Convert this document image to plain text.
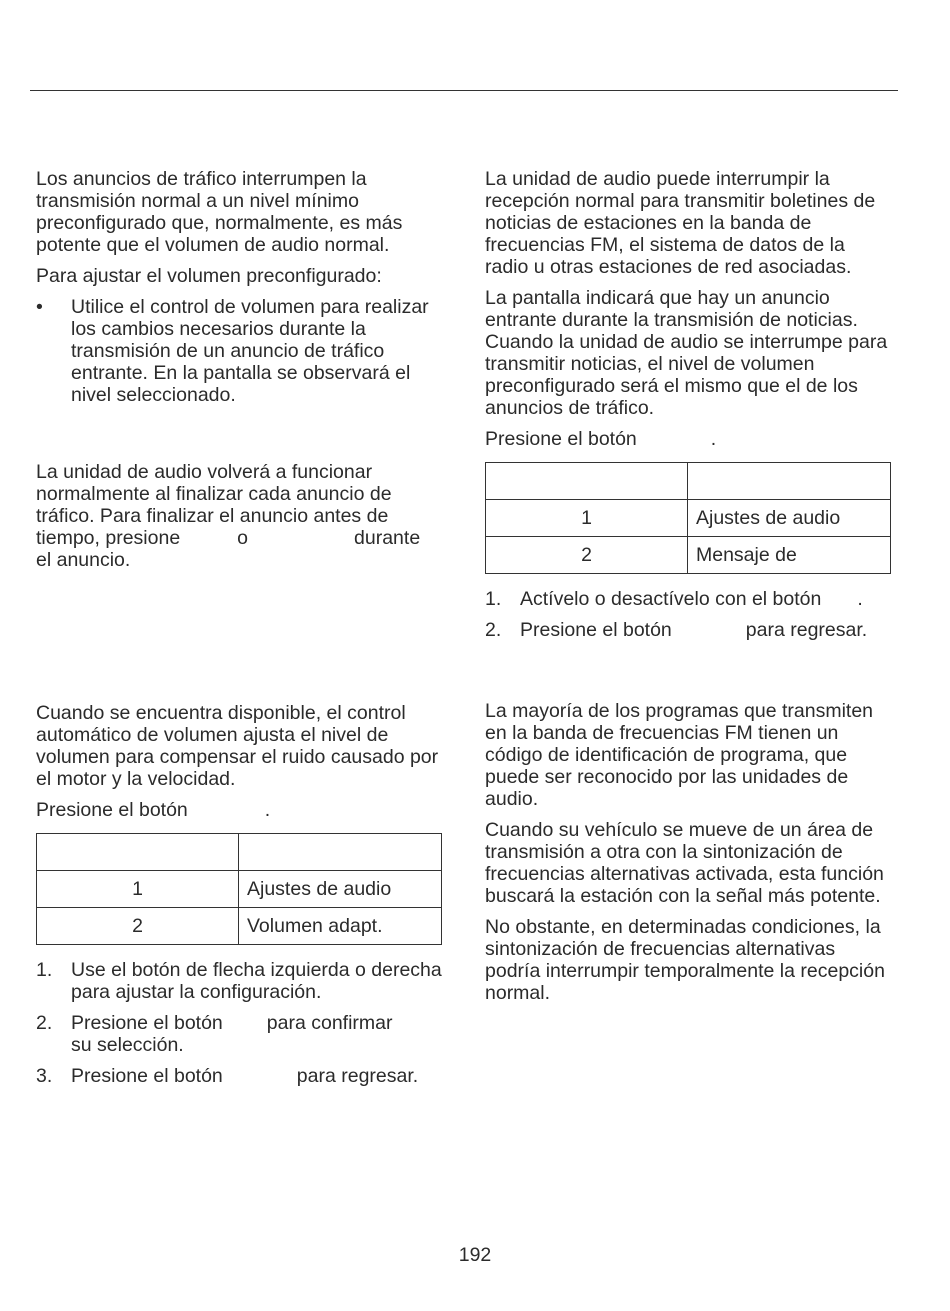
Los anuncios de tráfico interrumpen la transmisión normal a un nivel mínimo preconfigurado que, normalmente, es más potente que el volumen de audio normal.

Para ajustar el volumen preconfigurado:

•	Utilice el control de volumen para realizar los cambios necesarios durante la transmisión de un anuncio de tráfico entrante. En la pantalla se observará el nivel seleccionado.

La unidad de audio volverá a funcionar normalmente al finalizar cada anuncio de tráfico. Para finalizar el anuncio antes de
tiempo, presione	o	durante
el anuncio.

Cuando se encuentra disponible, el control automático de volumen ajusta el nivel de volumen para compensar el ruido causado por el motor y la velocidad.

Presione el botón	.

1	Ajustes de audio
2	Volumen adapt.
1. Use el botón de flecha izquierda o derecha para ajustar la configuración.
2. Presione el botón para confirmar
su selección.
3. Presione el botón	para regresar.

La unidad de audio puede interrumpir la recepción normal para transmitir boletines de noticias de estaciones en la banda de frecuencias FM, el sistema de datos de la radio u otras estaciones de red asociadas.

La pantalla indicará que hay un anuncio entrante durante la transmisión de noticias. Cuando la unidad de audio se interrumpe para transmitir noticias, el nivel de volumen preconfigurado será el mismo que el de los anuncios de tráfico.

Presione el botón	.

1	Ajustes de audio
2	Mensaje de
1. Actívelo o desactívelo con el botón .
2. Presione el botón	para regresar.

La mayoría de los programas que transmiten en la banda de frecuencias FM tienen un código de identificación de programa, que puede ser reconocido por las unidades de audio.

Cuando su vehículo se mueve de un área de transmisión a otra con la sintonización de frecuencias alternativas activada, esta función buscará la estación con la señal más potente.

No obstante, en determinadas condiciones, la sintonización de frecuencias alternativas podría interrumpir temporalmente la recepción normal.

192
